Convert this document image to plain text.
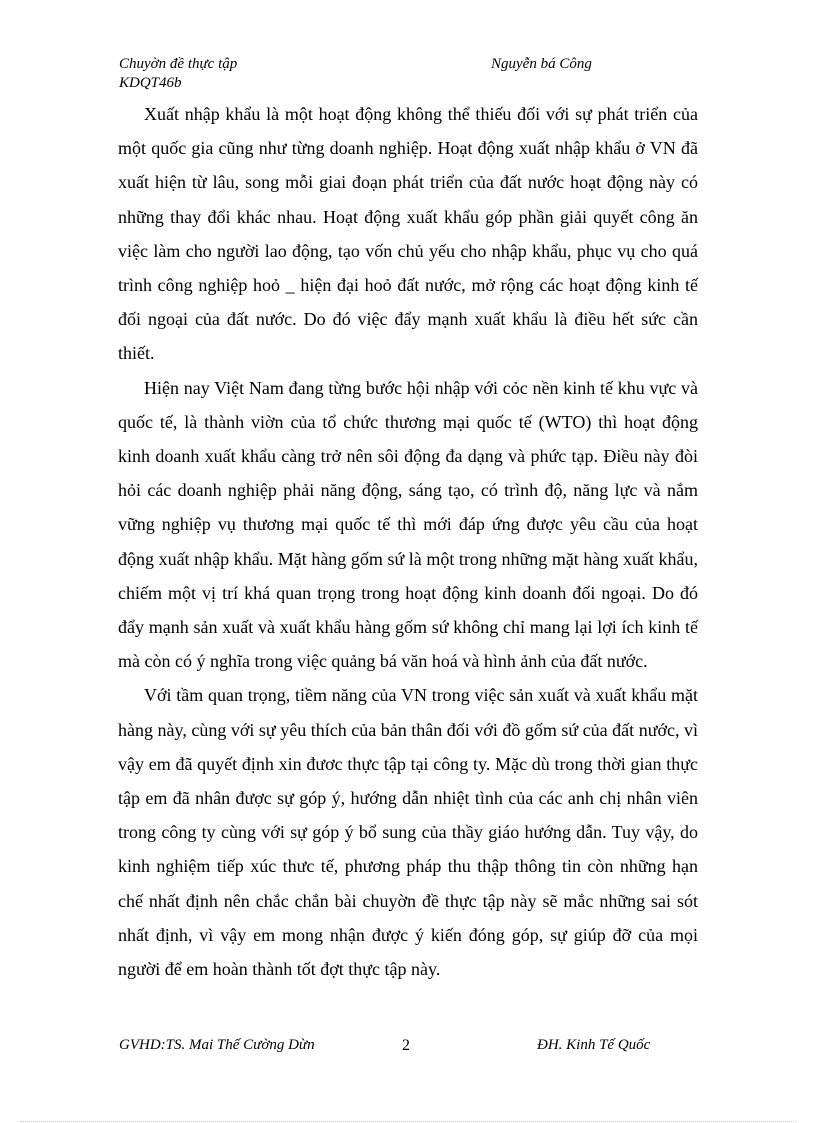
Chuyờn đề thực tập	Nguyễn bá Công
KDQT46b

Xuất nhập khẩu là một hoạt động không thể thiếu đối với sự phát triển của một quốc gia cũng như từng doanh nghiệp. Hoạt động xuất nhập khẩu ở VN đã xuất hiện từ lâu, song mỗi giai đoạn phát triển của đất nước hoạt động này có những thay đổi khác nhau. Hoạt động xuất khẩu góp phần giải quyết công ăn việc làm cho người lao động, tạo vốn chủ yếu cho nhập khẩu, phục vụ cho quá trình công nghiệp hoỏ _ hiện đại hoỏ đất nước, mở rộng các hoạt động kinh tế đối ngoại của đất nước. Do đó việc đẩy mạnh xuất khẩu là điều hết sức cần thiết.

Hiện nay Việt Nam đang từng bước hội nhập với cỏc nền kinh tế khu vực và quốc tế, là thành viờn của tổ chức thương mại quốc tế (WTO) thì hoạt động kinh doanh xuất khẩu càng trở nên sôi động đa dạng và phức tạp. Điều này đòi hỏi các doanh nghiệp phải năng động, sáng tạo, có trình độ, năng lực và nắm vững nghiệp vụ thương mại quốc tế thì mới đáp ứng được yêu cầu của hoạt động xuất nhập khẩu. Mặt hàng gốm sứ là một trong những mặt hàng xuất khẩu, chiếm một vị trí khá quan trọng trong hoạt động kinh doanh đối ngoại. Do đó đẩy mạnh sản xuất và xuất khẩu hàng gốm sứ không chỉ mang lại lợi ích kinh tế mà còn có ý nghĩa trong việc quảng bá văn hoá và hình ảnh của đất nước.

Với tầm quan trọng, tiềm năng của VN trong việc sản xuất và xuất khẩu mặt hàng này, cùng với sự yêu thích của bản thân đối với đồ gốm sứ của đất nước, vì vậy em đã quyết định xin đươc thực tập tại công ty. Mặc dù trong thời gian thực tập em đã nhân được sự góp ý, hướng dẫn nhiệt tình của các anh chị nhân viên trong công ty cùng với sự góp ý bổ sung của thầy giáo hướng dẫn. Tuy vậy, do kinh nghiệm tiếp xúc thưc tế, phương pháp thu thập thông tin còn những hạn chế nhất định nên chắc chắn bài chuyờn đề thực tập này sẽ mắc những sai sót nhất định, vì vậy em mong nhận được ý kiến đóng góp, sự giúp đỡ của mọi người để em hoàn thành tốt đợt thực tập này.

GVHD:TS. Mai Thế Cường Dừn	2	ĐH. Kinh Tế Quốc
